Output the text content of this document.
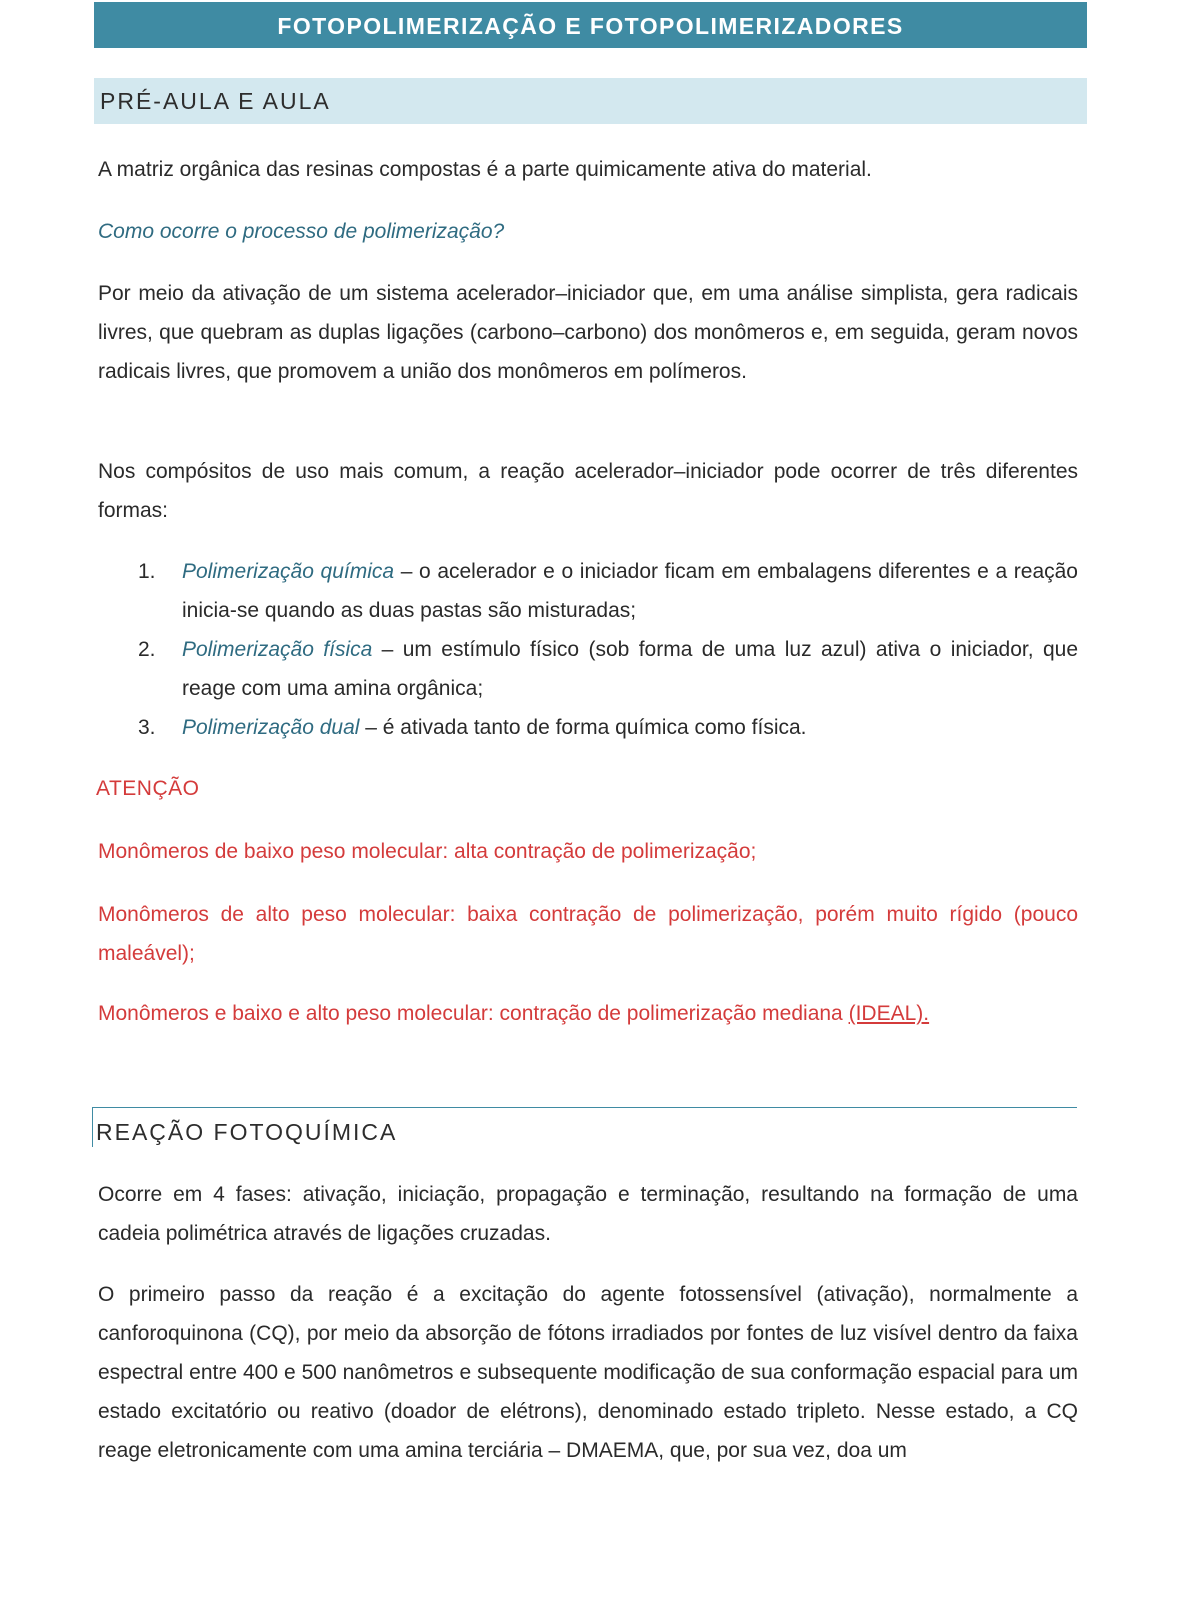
FOTOPOLIMERIZAÇÃO E FOTOPOLIMERIZADORES
PRÉ-AULA E AULA

A matriz orgânica das resinas compostas é a parte quimicamente ativa do material.

Como ocorre o processo de polimerização?

Por meio da ativação de um sistema acelerador–iniciador que, em uma análise simplista, gera radicais livres, que quebram as duplas ligações (carbono–carbono) dos monômeros e, em seguida, geram novos radicais livres, que promovem a união dos monômeros em polímeros.

Nos compósitos de uso mais comum, a reação acelerador–iniciador pode ocorrer de três diferentes formas:

1. Polimerização química – o acelerador e o iniciador ficam em embalagens diferentes e a reação inicia-se quando as duas pastas são misturadas;
2. Polimerização física – um estímulo físico (sob forma de uma luz azul) ativa o iniciador, que reage com uma amina orgânica;
3. Polimerização dual – é ativada tanto de forma química como física.

ATENÇÃO

Monômeros de baixo peso molecular: alta contração de polimerização;

Monômeros de alto peso molecular: baixa contração de polimerização, porém muito rígido (pouco maleável);

Monômeros e baixo e alto peso molecular: contração de polimerização mediana (IDEAL).

REAÇÃO FOTOQUÍMICA

Ocorre em 4 fases: ativação, iniciação, propagação e terminação, resultando na formação de uma cadeia polimétrica através de ligações cruzadas.

O primeiro passo da reação é a excitação do agente fotossensível (ativação), normalmente a canforoquinona (CQ), por meio da absorção de fótons irradiados por fontes de luz visível dentro da faixa espectral entre 400 e 500 nanômetros e subsequente modificação de sua conformação espacial para um estado excitatório ou reativo (doador de elétrons), denominado estado tripleto. Nesse estado, a CQ reage eletronicamente com uma amina terciária – DMAEMA, que, por sua vez, doa um
